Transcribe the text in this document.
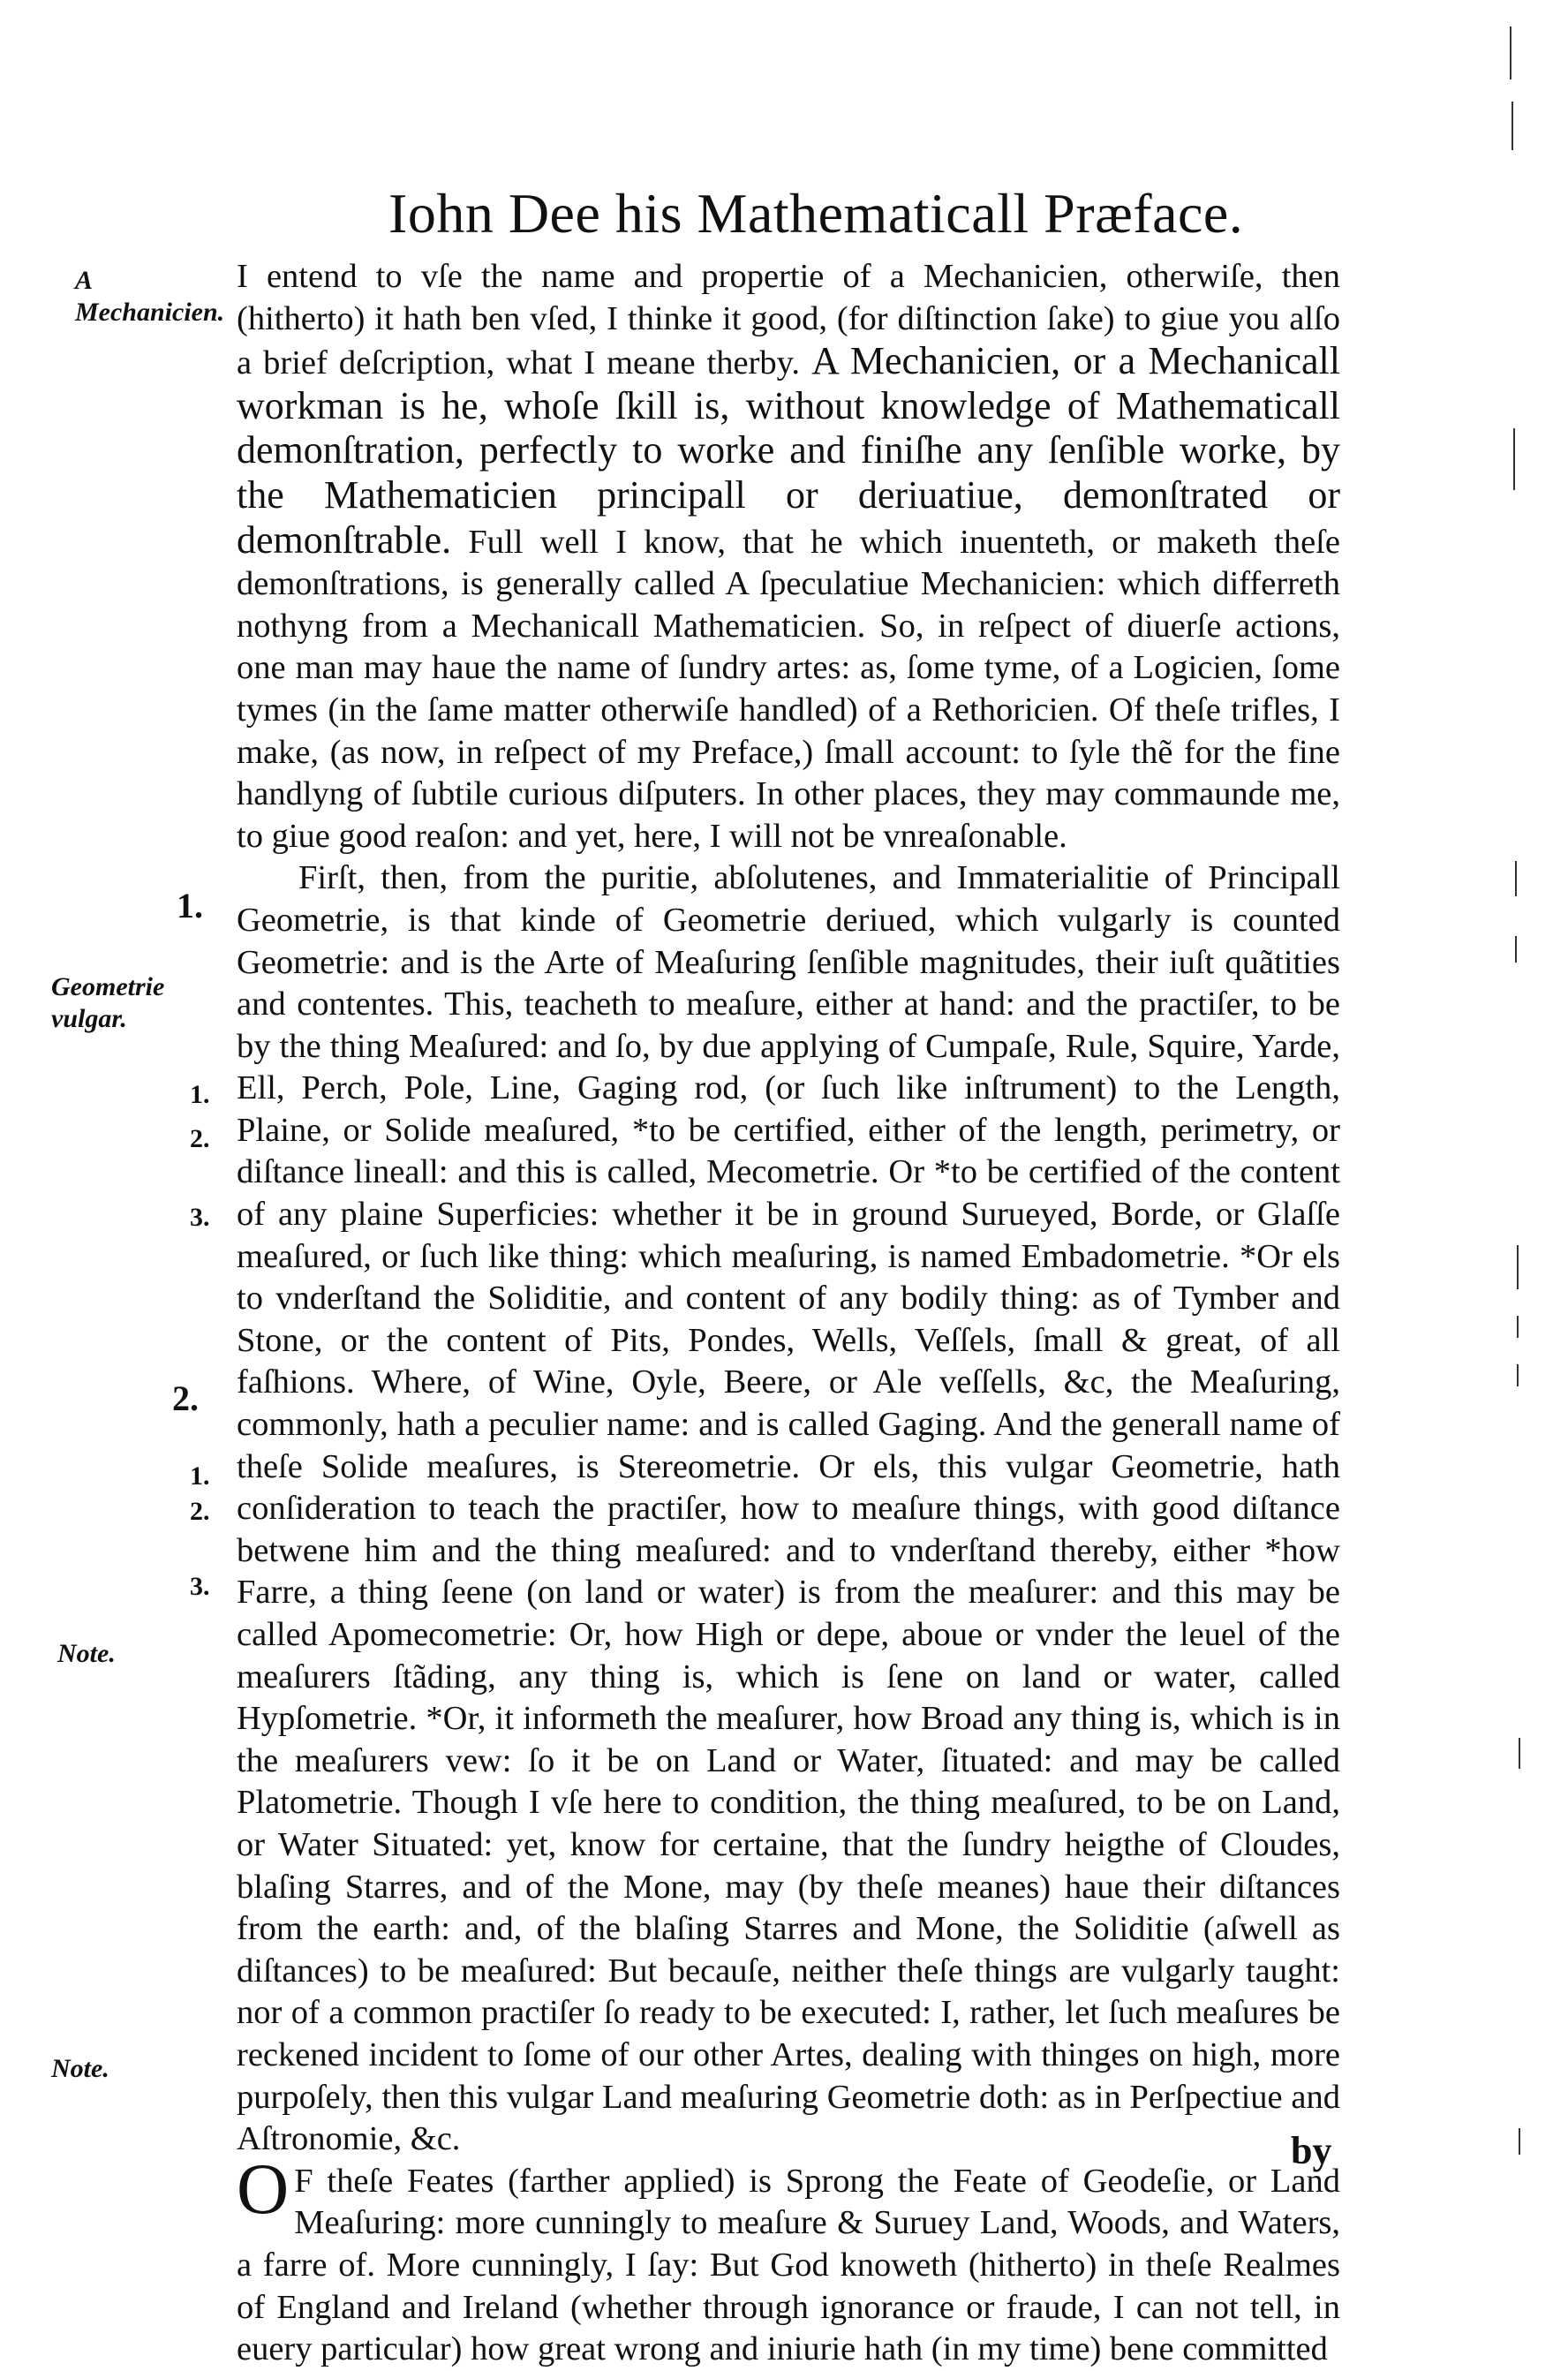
Iohn Dee his Mathematicall Præface.
A Mechanicien.
Geometrie vulgar.
Note.
Note.
1.
1.
2.
3.
2.
1.
2.
3.

I entend to vſe the name and propertie of a Mechanicien, otherwiſe, then (hitherto) it hath ben vſed, I thinke it good, (for diſtinction ſake) to giue you alſo a brief deſcription, what I meane therby. A Mechanicien, or a Mechanicall workman is he, whoſe ſkill is, without knowledge of Mathematicall demonſtration, perfectly to worke and finiſhe any ſenſible worke, by the Mathematicien principall or deriuatiue, demonſtrated or demonſtrable. Full well I know, that he which inuenteth, or maketh theſe demonſtrations, is generally called A ſpeculatiue Mechanicien: which differreth nothyng from a Mechanicall Mathematicien. So, in reſpect of diuerſe actions, one man may haue the name of ſundry artes: as, ſome tyme, of a Logicien, ſome tymes (in the ſame matter otherwiſe handled) of a Rethoricien. Of theſe trifles, I make, (as now, in reſpect of my Preface,) ſmall account: to ſyle thẽ for the fine handlyng of ſubtile curious diſputers. In other places, they may commaunde me, to giue good reaſon: and yet, here, I will not be vnreaſonable.

Firſt, then, from the puritie, abſolutenes, and Immaterialitie of Principall Geometrie, is that kinde of Geometrie deriued, which vulgarly is counted Geometrie: and is the Arte of Meaſuring ſenſible magnitudes, their iuſt quãtities and contentes. This, teacheth to meaſure, either at hand: and the practiſer, to be by the thing Meaſured: and ſo, by due applying of Cumpaſe, Rule, Squire, Yarde, Ell, Perch, Pole, Line, Gaging rod, (or ſuch like inſtrument) to the Length, Plaine, or Solide meaſured, *to be certified, either of the length, perimetry, or diſtance lineall: and this is called, Mecometrie. Or *to be certified of the content of any plaine Superficies: whether it be in ground Surueyed, Borde, or Glaſſe meaſured, or ſuch like thing: which meaſuring, is named Embadometrie. *Or els to vnderſtand the Soliditie, and content of any bodily thing: as of Tymber and Stone, or the content of Pits, Pondes, Wells, Veſſels, ſmall & great, of all faſhions. Where, of Wine, Oyle, Beere, or Ale veſſells, &c, the Meaſuring, commonly, hath a peculier name: and is called Gaging. And the generall name of theſe Solide meaſures, is Stereometrie. Or els, this vulgar Geometrie, hath conſideration to teach the practiſer, how to meaſure things, with good diſtance betwene him and the thing meaſured: and to vnderſtand thereby, either *how Farre, a thing ſeene (on land or water) is from the meaſurer: and this may be called Apomecometrie: Or, how High or depe, aboue or vnder the leuel of the meaſurers ſtãding, any thing is, which is ſene on land or water, called Hypſometrie. *Or, it informeth the meaſurer, how Broad any thing is, which is in the meaſurers vew: ſo it be on Land or Water, ſituated: and may be called Platometrie. Though I vſe here to condition, the thing meaſured, to be on Land, or Water Situated: yet, know for certaine, that the ſundry heigthe of Cloudes, blaſing Starres, and of the Mone, may (by theſe meanes) haue their diſtances from the earth: and, of the blaſing Starres and Mone, the Soliditie (aſwell as diſtances) to be meaſured: But becauſe, neither theſe things are vulgarly taught: nor of a common practiſer ſo ready to be executed: I, rather, let ſuch meaſures be reckened incident to ſome of our other Artes, dealing with thinges on high, more purpoſely, then this vulgar Land meaſuring Geometrie doth: as in Perſpectiue and Aſtronomie, &c.

O F theſe Feates (farther applied) is Sprong the Feate of Geodeſie, or Land Meaſuring: more cunningly to meaſure & Suruey Land, Woods, and Waters, a farre of. More cunningly, I ſay: But God knoweth (hitherto) in theſe Realmes of England and Ireland (whether through ignorance or fraude, I can not tell, in euery particular) how great wrong and iniurie hath (in my time) bene committed

by
